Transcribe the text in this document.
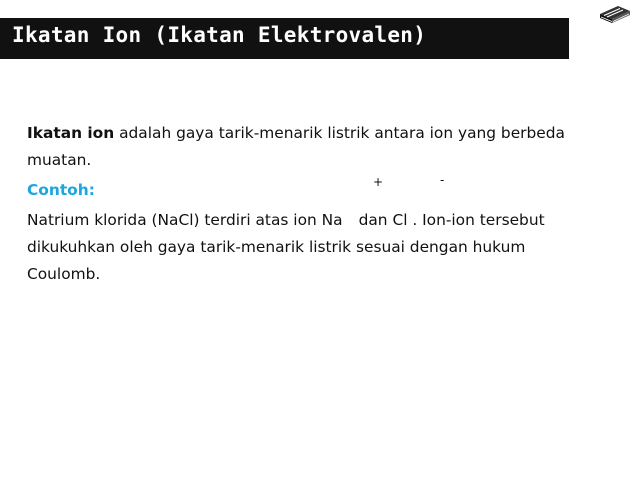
Ikatan Ion (Ikatan Elektrovalen)

Ikatan ion adalah gaya tarik-menarik listrik antara ion yang berbeda muatan.

Contoh:	+	-

Natrium klorida (NaCl) terdiri atas ion Na dan Cl . Ion-ion tersebut dikukuhkan oleh gaya tarik-menarik listrik sesuai dengan hukum Coulomb.
